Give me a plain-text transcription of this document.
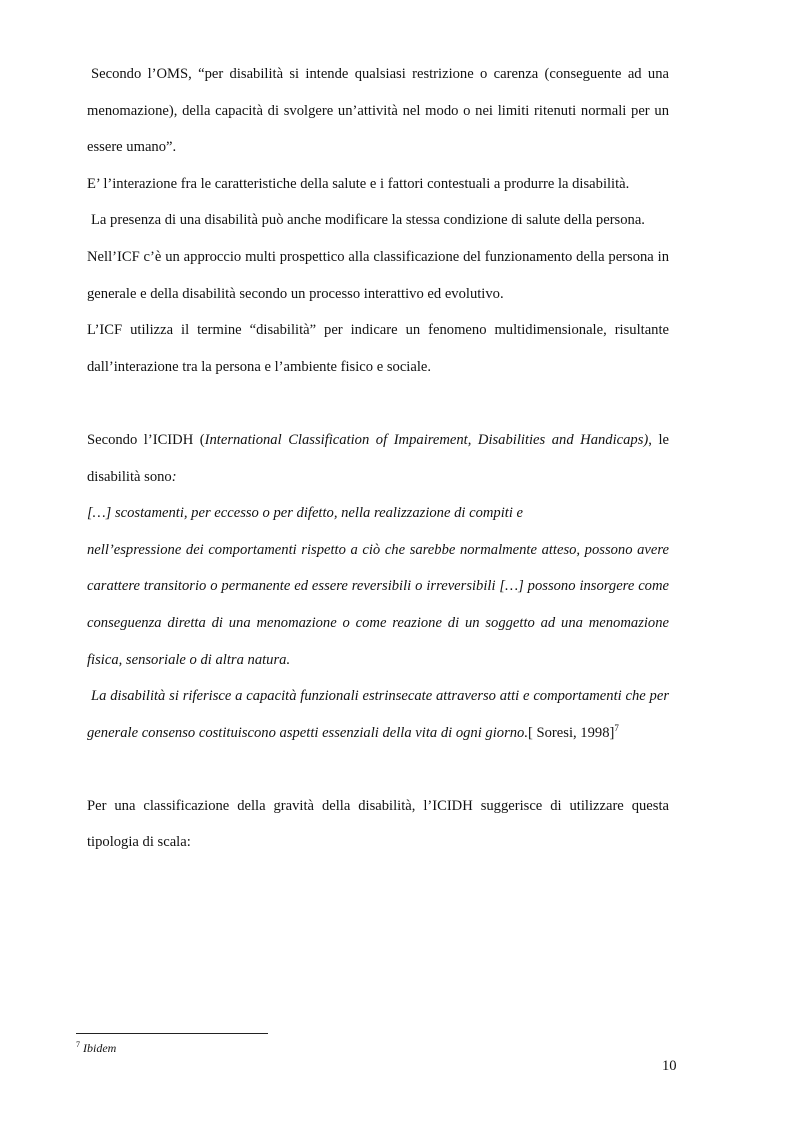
Secondo l’OMS, “per disabilità si intende qualsiasi restrizione o carenza (conseguente ad una menomazione), della capacità di svolgere un’attività nel modo o nei limiti ritenuti normali per un essere umano”.

E’ l’interazione fra le caratteristiche della salute e i fattori contestuali a produrre la disabilità.

La presenza di una disabilità può anche modificare la stessa condizione di salute della persona.

Nell’ICF c’è un approccio multi prospettico alla classificazione del funzionamento della persona in generale e della disabilità secondo un processo interattivo ed evolutivo.

L’ICF utilizza il termine “disabilità” per indicare un fenomeno multidimensionale, risultante dall’interazione tra la persona e l’ambiente fisico e sociale.

Secondo l’ICIDH (International Classification of Impairement, Disabilities and Handicaps), le disabilità sono:

[…] scostamenti, per eccesso o per difetto, nella realizzazione di compiti e

nell’espressione dei comportamenti rispetto a ciò che sarebbe normalmente atteso, possono avere carattere transitorio o permanente ed essere reversibili o irreversibili […] possono insorgere come conseguenza diretta di una menomazione o come reazione di un soggetto ad una menomazione fisica, sensoriale o di altra natura.

La disabilità si riferisce a capacità funzionali estrinsecate attraverso atti e comportamenti che per generale consenso costituiscono aspetti essenziali della vita di ogni giorno.[ Soresi, 1998]$^7$

Per una classificazione della gravità della disabilità, l’ICIDH suggerisce di utilizzare questa tipologia di scala:

$^7$ Ibidem
10
